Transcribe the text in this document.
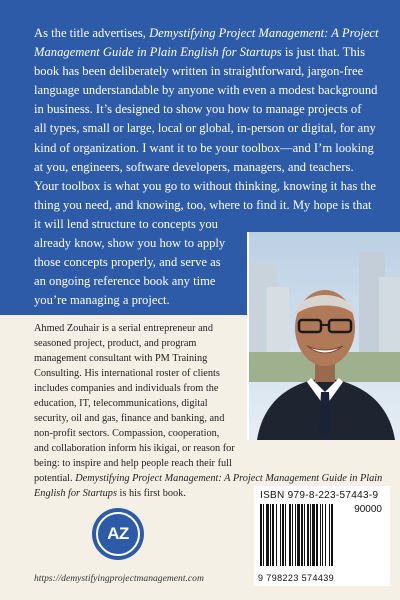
As the title advertises, Demystifying Project Management: A Project
Management Guide in Plain English for Startups is just that. This
book has been deliberately written in straightforward, jargon-free
language understandable by anyone with even a modest background
in business. It’s designed to show you how to manage projects of
all types, small or large, local or global, in-person or digital, for any
kind of organization. I want it to be your toolbox—and I’m looking
at you, engineers, software developers, managers, and teachers.
Your toolbox is what you go to without thinking, knowing it has the
thing you need, and knowing, too, where to find it. My hope is that
it will lend structure to concepts you
already know, show you how to apply
those concepts properly, and serve as
an ongoing reference book any time
you’re managing a project.

Ahmed Zouhair is a serial entrepreneur and
seasoned project, product, and program
management consultant with PM Training
Consulting. His international roster of clients
includes companies and individuals from the
education, IT, telecommunications, digital
security, oil and gas, finance and banking, and
non-profit sectors. Compassion, cooperation,
and collaboration inform his ikigai, or reason for
being: to inspire and help people reach their full
potential. Demystifying Project Management: A Project Management Guide in Plain
English for Startups is his first book.

AZ
ISBN 979-8-223-57443-9
90000
9 798223 574439
https://demystifyingprojectmanagement.com
